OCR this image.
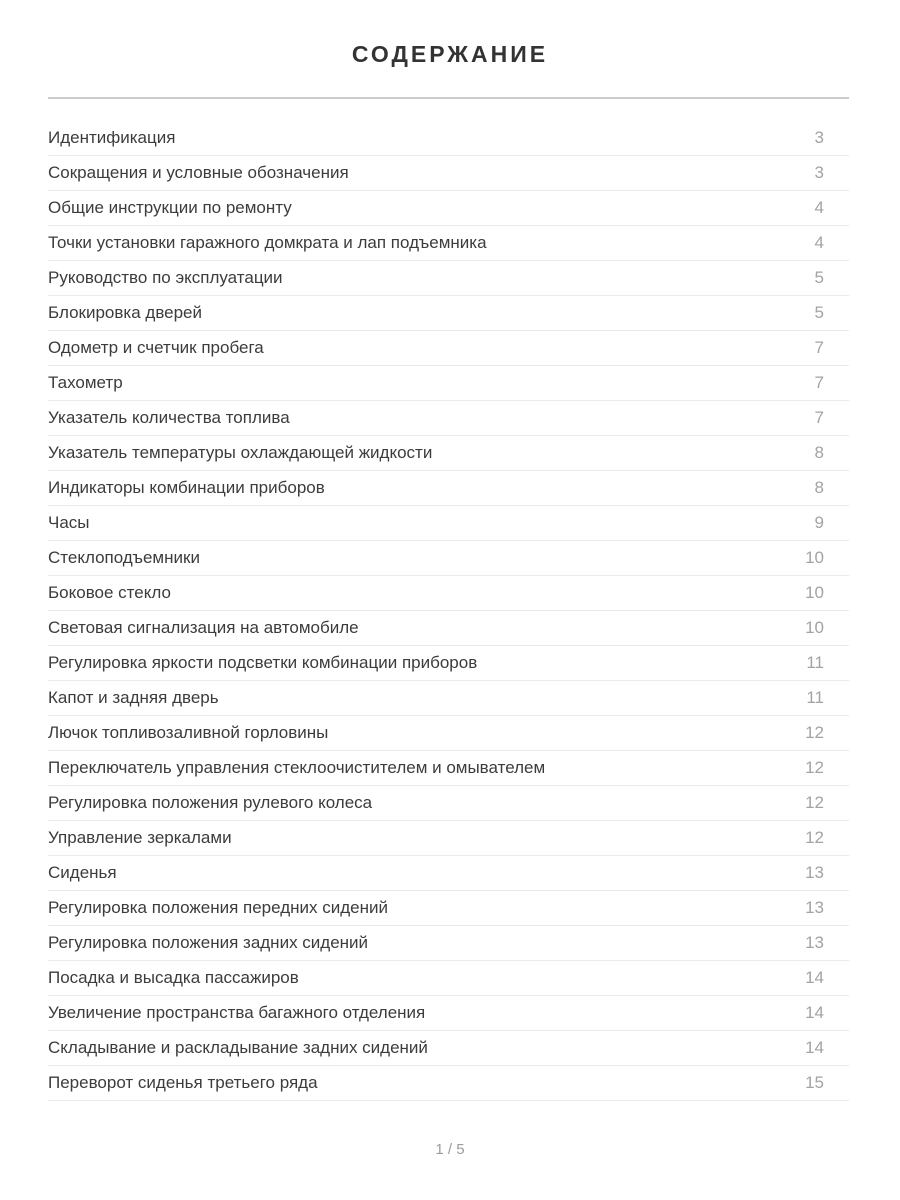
СОДЕРЖАНИЕ
Идентификация	3
Сокращения и условные обозначения	3
Общие инструкции по ремонту	4
Точки установки гаражного домкрата и лап подъемника	4
Руководство по эксплуатации	5
Блокировка дверей	5
Одометр и счетчик пробега	7
Тахометр	7
Указатель количества топлива	7
Указатель температуры охлаждающей жидкости	8
Индикаторы комбинации приборов	8
Часы	9
Стеклоподъемники	10
Боковое стекло	10
Световая сигнализация на автомобиле	10
Регулировка яркости подсветки комбинации приборов	11
Капот и задняя дверь	11
Лючок топливозаливной горловины	12
Переключатель управления стеклоочистителем и омывателем	12
Регулировка положения рулевого колеса	12
Управление зеркалами	12
Сиденья	13
Регулировка положения передних сидений	13
Регулировка положения задних сидений	13
Посадка и высадка пассажиров	14
Увеличение пространства багажного отделения	14
Складывание и раскладывание задних сидений	14
Переворот сиденья третьего ряда	15
1 / 5
